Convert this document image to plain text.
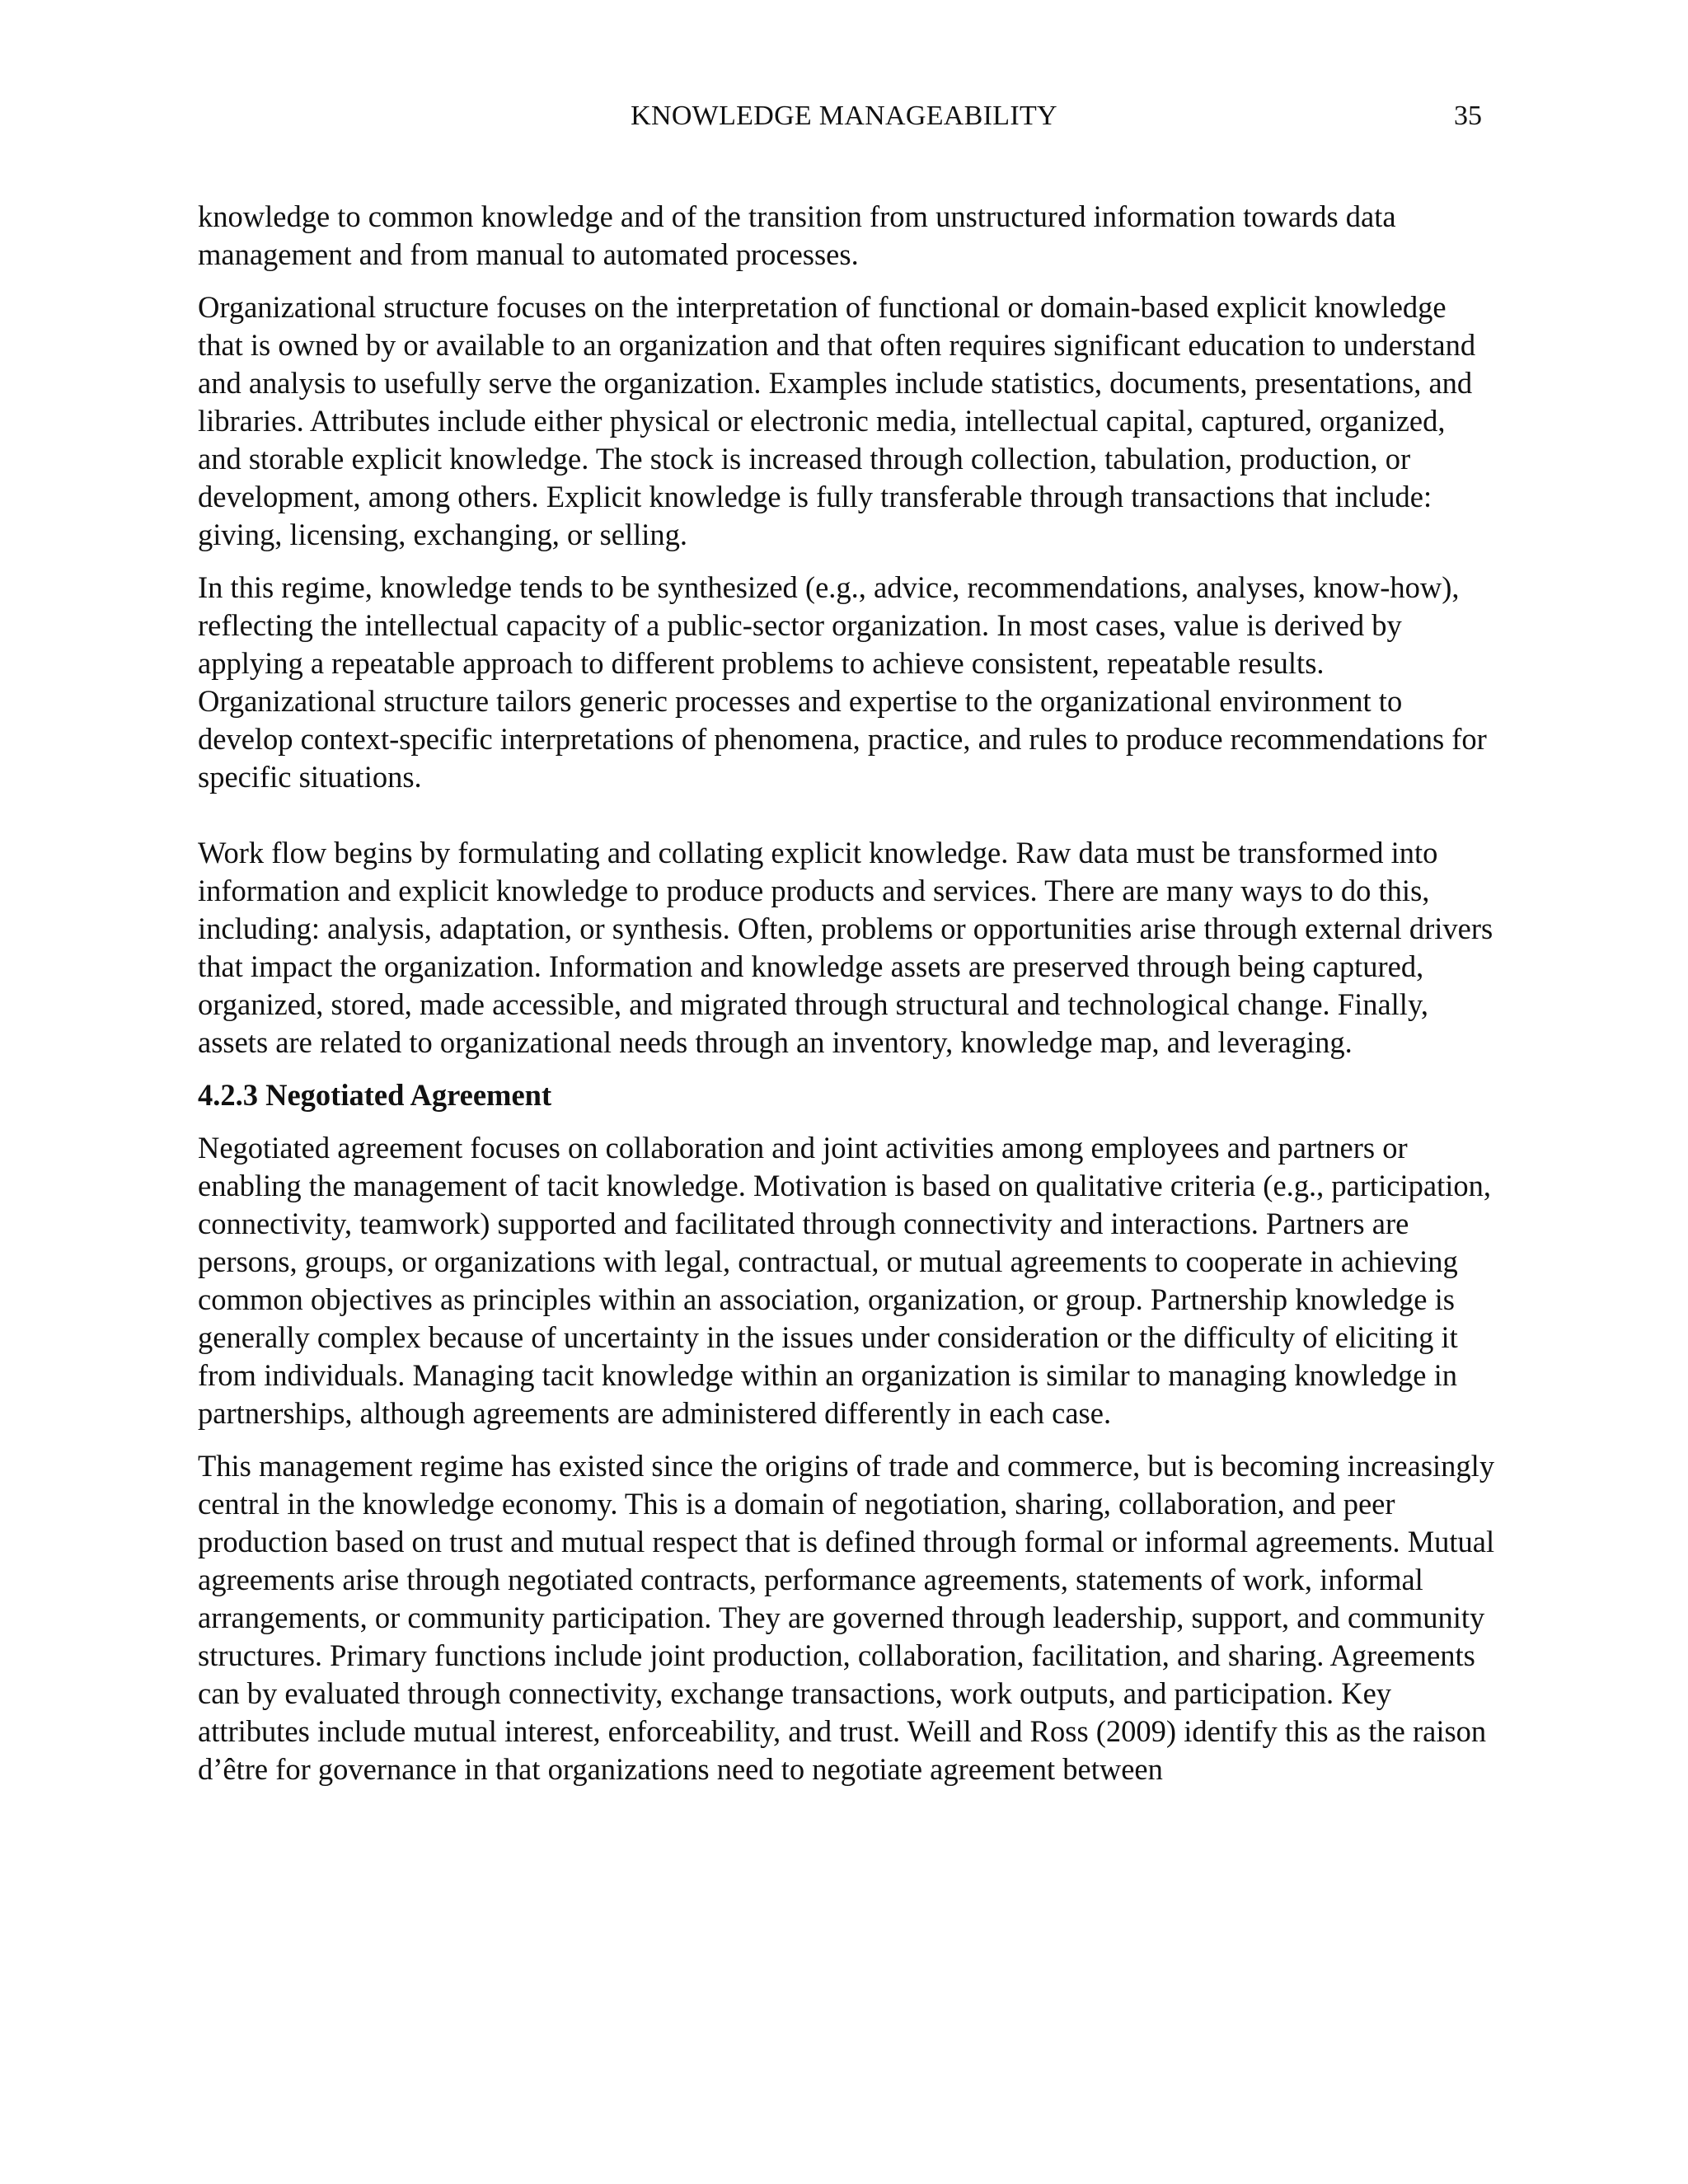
KNOWLEDGE MANAGEABILITY	35

knowledge to common knowledge and of the transition from unstructured information towards data management and from manual to automated processes.

Organizational structure focuses on the interpretation of functional or domain-based explicit knowledge that is owned by or available to an organization and that often requires significant education to understand and analysis to usefully serve the organization. Examples include statistics, documents, presentations, and libraries. Attributes include either physical or electronic media, intellectual capital, captured, organized, and storable explicit knowledge. The stock is increased through collection, tabulation, production, or development, among others. Explicit knowledge is fully transferable through transactions that include: giving, licensing, exchanging, or selling.

In this regime, knowledge tends to be synthesized (e.g., advice, recommendations, analyses, know-how), reflecting the intellectual capacity of a public-sector organization. In most cases, value is derived by applying a repeatable approach to different problems to achieve consistent, repeatable results. Organizational structure tailors generic processes and expertise to the organizational environment to develop context-specific interpretations of phenomena, practice, and rules to produce recommendations for specific situations.

Work flow begins by formulating and collating explicit knowledge. Raw data must be transformed into information and explicit knowledge to produce products and services. There are many ways to do this, including: analysis, adaptation, or synthesis. Often, problems or opportunities arise through external drivers that impact the organization. Information and knowledge assets are preserved through being captured, organized, stored, made accessible, and migrated through structural and technological change. Finally, assets are related to organizational needs through an inventory, knowledge map, and leveraging.

4.2.3 Negotiated Agreement

Negotiated agreement focuses on collaboration and joint activities among employees and partners or enabling the management of tacit knowledge. Motivation is based on qualitative criteria (e.g., participation, connectivity, teamwork) supported and facilitated through connectivity and interactions. Partners are persons, groups, or organizations with legal, contractual, or mutual agreements to cooperate in achieving common objectives as principles within an association, organization, or group. Partnership knowledge is generally complex because of uncertainty in the issues under consideration or the difficulty of eliciting it from individuals. Managing tacit knowledge within an organization is similar to managing knowledge in partnerships, although agreements are administered differently in each case.

This management regime has existed since the origins of trade and commerce, but is becoming increasingly central in the knowledge economy. This is a domain of negotiation, sharing, collaboration, and peer production based on trust and mutual respect that is defined through formal or informal agreements. Mutual agreements arise through negotiated contracts, performance agreements, statements of work, informal arrangements, or community participation. They are governed through leadership, support, and community structures. Primary functions include joint production, collaboration, facilitation, and sharing. Agreements can by evaluated through connectivity, exchange transactions, work outputs, and participation. Key attributes include mutual interest, enforceability, and trust. Weill and Ross (2009) identify this as the raison d’être for governance in that organizations need to negotiate agreement between
